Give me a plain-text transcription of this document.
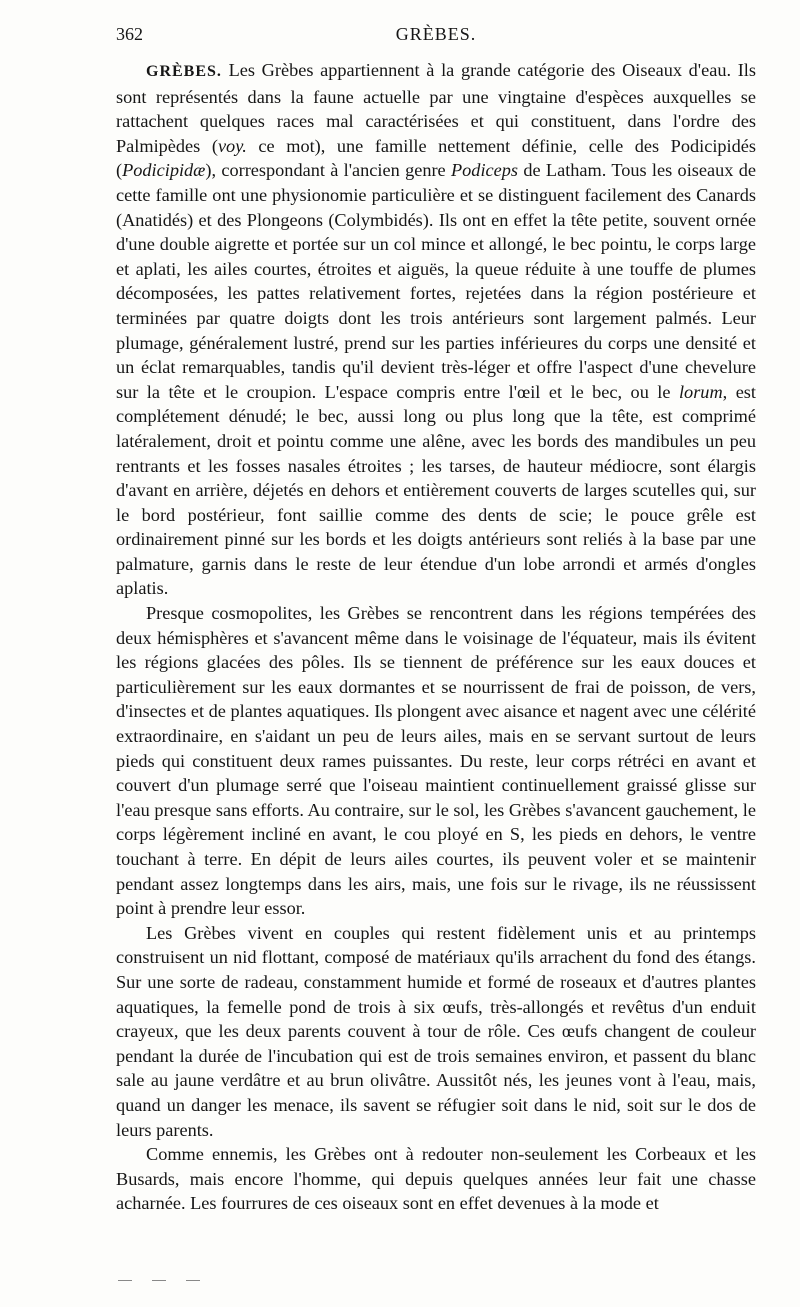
362	GRÈBES.

GRÈBES. Les Grèbes appartiennent à la grande catégorie des Oiseaux d'eau. Ils sont représentés dans la faune actuelle par une vingtaine d'espèces auxquelles se rattachent quelques races mal caractérisées et qui constituent, dans l'ordre des Palmipèdes (voy. ce mot), une famille nettement définie, celle des Podicipidés (Podicipidæ), correspondant à l'ancien genre Podiceps de Latham. Tous les oiseaux de cette famille ont une physionomie particulière et se distinguent facilement des Canards (Anatidés) et des Plongeons (Colymbidés). Ils ont en effet la tête petite, souvent ornée d'une double aigrette et portée sur un col mince et allongé, le bec pointu, le corps large et aplati, les ailes courtes, étroites et aiguës, la queue réduite à une touffe de plumes décomposées, les pattes relativement fortes, rejetées dans la région postérieure et terminées par quatre doigts dont les trois antérieurs sont largement palmés. Leur plumage, généralement lustré, prend sur les parties inférieures du corps une densité et un éclat remarquables, tandis qu'il devient très-léger et offre l'aspect d'une chevelure sur la tête et le croupion. L'espace compris entre l'œil et le bec, ou le lorum, est complétement dénudé; le bec, aussi long ou plus long que la tête, est comprimé latéralement, droit et pointu comme une alêne, avec les bords des mandibules un peu rentrants et les fosses nasales étroites ; les tarses, de hauteur médiocre, sont élargis d'avant en arrière, déjetés en dehors et entièrement couverts de larges scutelles qui, sur le bord postérieur, font saillie comme des dents de scie; le pouce grêle est ordinairement pinné sur les bords et les doigts antérieurs sont reliés à la base par une palmature, garnis dans le reste de leur étendue d'un lobe arrondi et armés d'ongles aplatis.

Presque cosmopolites, les Grèbes se rencontrent dans les régions tempérées des deux hémisphères et s'avancent même dans le voisinage de l'équateur, mais ils évitent les régions glacées des pôles. Ils se tiennent de préférence sur les eaux douces et particulièrement sur les eaux dormantes et se nourrissent de frai de poisson, de vers, d'insectes et de plantes aquatiques. Ils plongent avec aisance et nagent avec une célérité extraordinaire, en s'aidant un peu de leurs ailes, mais en se servant surtout de leurs pieds qui constituent deux rames puissantes. Du reste, leur corps rétréci en avant et couvert d'un plumage serré que l'oiseau maintient continuellement graissé glisse sur l'eau presque sans efforts. Au contraire, sur le sol, les Grèbes s'avancent gauchement, le corps légèrement incliné en avant, le cou ployé en S, les pieds en dehors, le ventre touchant à terre. En dépit de leurs ailes courtes, ils peuvent voler et se maintenir pendant assez longtemps dans les airs, mais, une fois sur le rivage, ils ne réussissent point à prendre leur essor.

Les Grèbes vivent en couples qui restent fidèlement unis et au printemps construisent un nid flottant, composé de matériaux qu'ils arrachent du fond des étangs. Sur une sorte de radeau, constamment humide et formé de roseaux et d'autres plantes aquatiques, la femelle pond de trois à six œufs, très-allongés et revêtus d'un enduit crayeux, que les deux parents couvent à tour de rôle. Ces œufs changent de couleur pendant la durée de l'incubation qui est de trois semaines environ, et passent du blanc sale au jaune verdâtre et au brun olivâtre. Aussitôt nés, les jeunes vont à l'eau, mais, quand un danger les menace, ils savent se réfugier soit dans le nid, soit sur le dos de leurs parents.

Comme ennemis, les Grèbes ont à redouter non-seulement les Corbeaux et les Busards, mais encore l'homme, qui depuis quelques années leur fait une chasse acharnée. Les fourrures de ces oiseaux sont en effet devenues à la mode et
